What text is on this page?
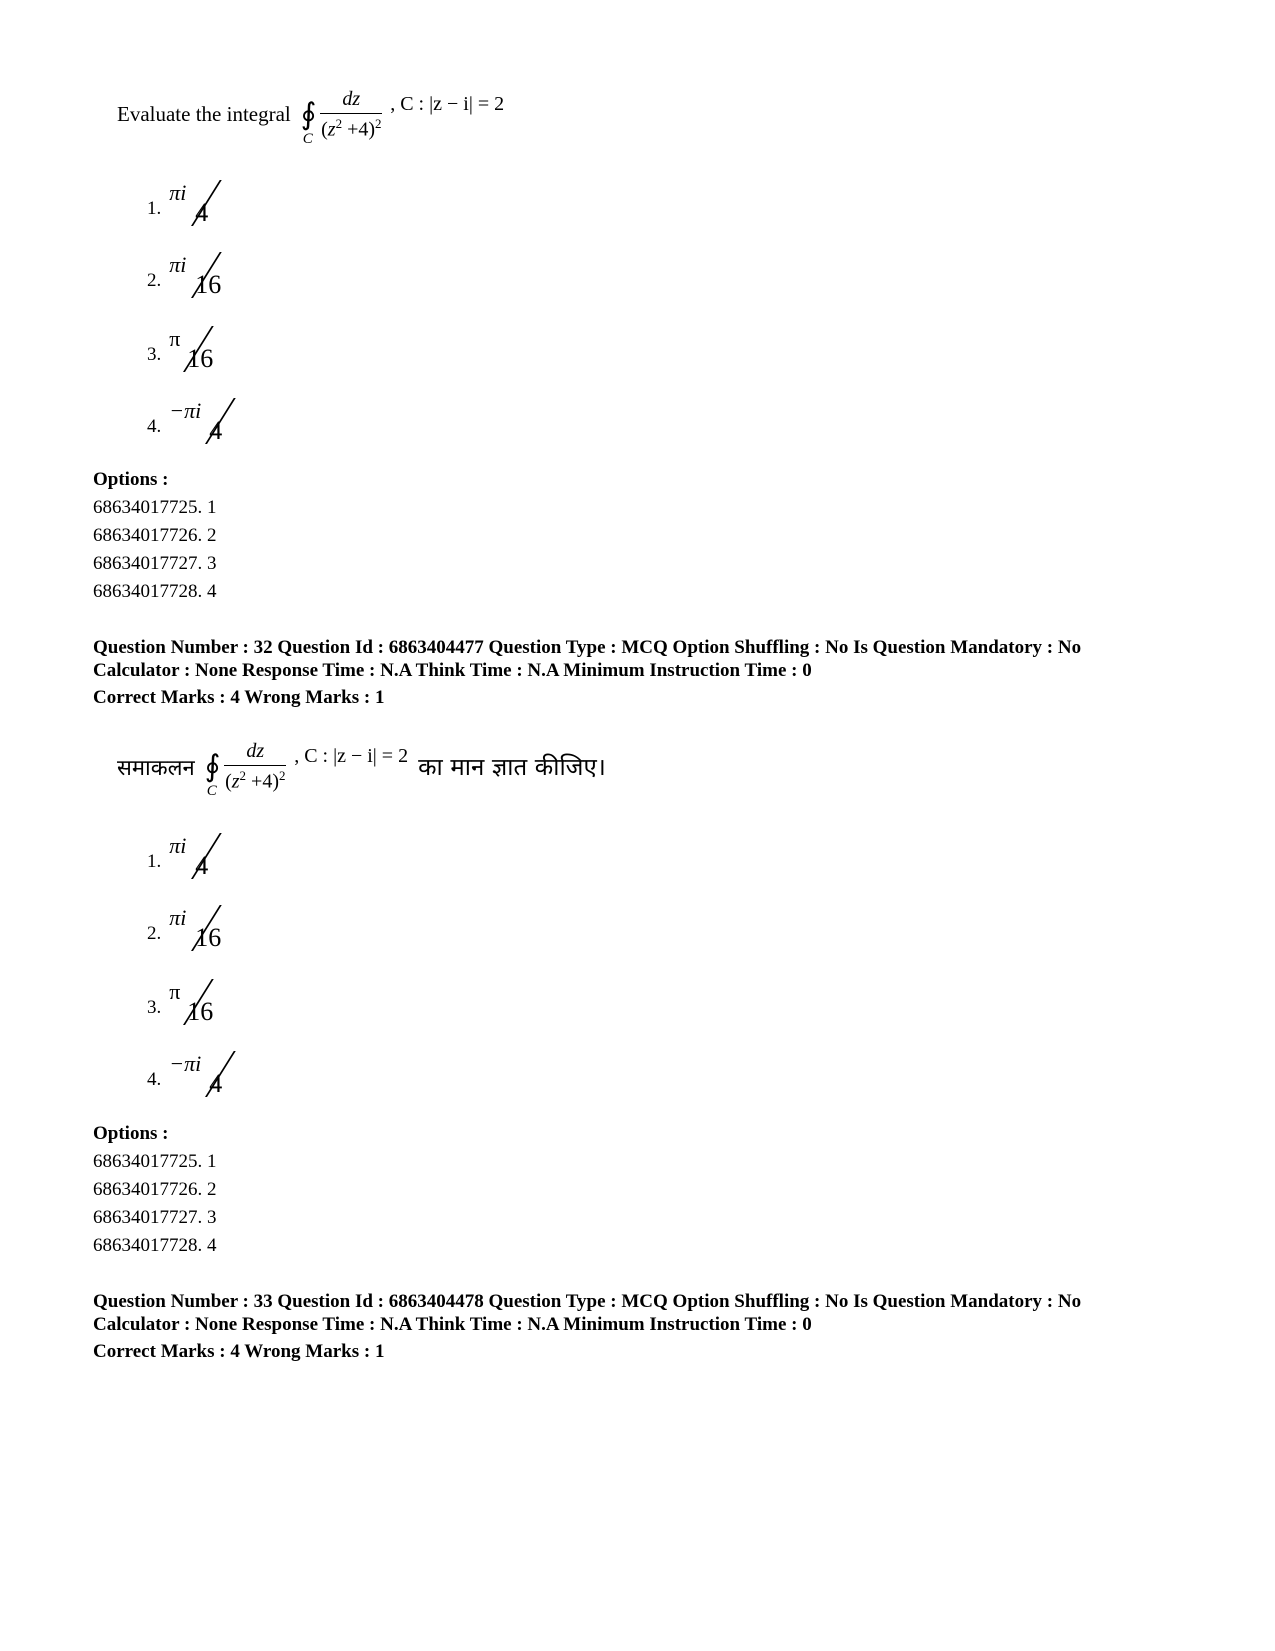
Evaluate the integral ∮
C $\frac{dz}{(z^2 +4)^2}$ , C : |z − i| = 2
1.
πi
4
2.
πi
16
3.
π
16
4.
−πi
4
Options :
68634017725. 1
68634017726. 2
68634017727. 3
68634017728. 4
Question Number : 32 Question Id : 6863404477 Question Type : MCQ Option Shuffling : No Is Question Mandatory : No
Calculator : None Response Time : N.A Think Time : N.A Minimum Instruction Time : 0
Correct Marks : 4 Wrong Marks : 1
समाकलन ∮
C $\frac{dz}{(z^2 +4)^2}$ , C : |z − i| = 2 का मान ज्ञात कीजिए।
1.
πi
4
2.
πi
16
3.
π
16
4.
−πi
4
Options :
68634017725. 1
68634017726. 2
68634017727. 3
68634017728. 4
Question Number : 33 Question Id : 6863404478 Question Type : MCQ Option Shuffling : No Is Question Mandatory : No
Calculator : None Response Time : N.A Think Time : N.A Minimum Instruction Time : 0
Correct Marks : 4 Wrong Marks : 1
